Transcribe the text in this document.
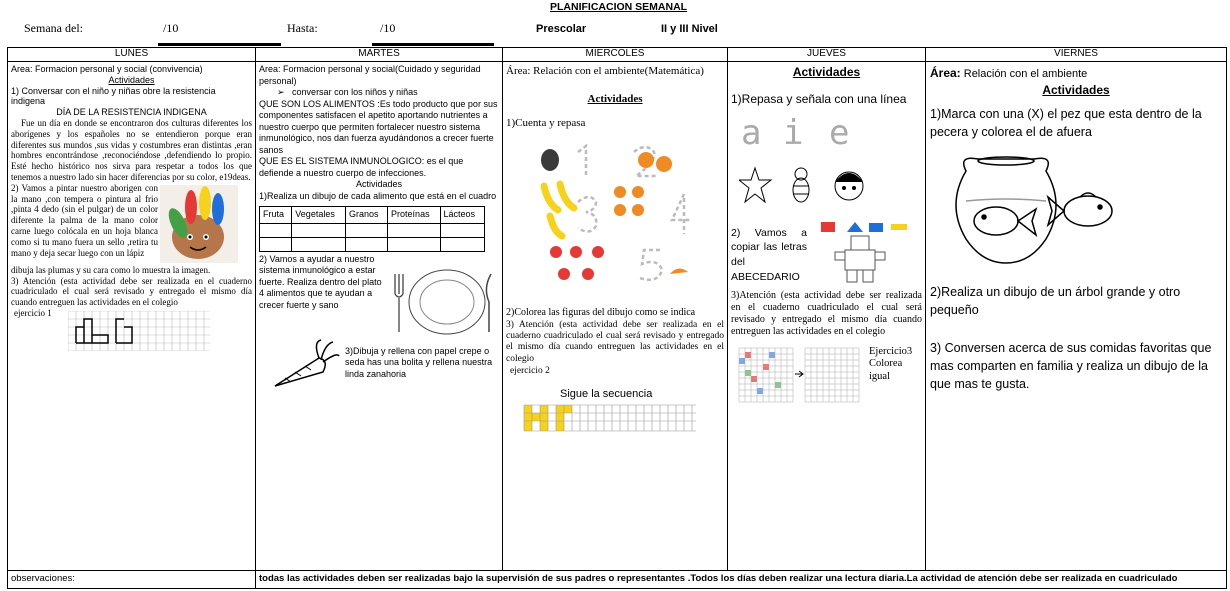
PLANIFICACION SEMANAL
Semana del:	/10	Hasta:	/10	Prescolar	II y III Nivel
LUNES	MARTES	MIERCOLES	JUEVES	VIERNES

Area: Formacion personal y social (convivencia)

Actividades

1) Conversar con el niño y niñas obre la resistencia indigena

DÍA DE LA RESISTENCIA INDIGENA

Fue un día en donde se encontraron dos culturas diferentes los aborígenes y los españoles no se entendieron porque eran diferentes sus mundos ,sus vidas y costumbres eran distintas ,eran hombres encontrándose ,reconociéndose ,defendiendo lo propio. Esté hecho histórico nos sirva para respetar a todos los que tenemos a nuestro lado sin hacer diferencias por su color, e19deas.

2) Vamos a pintar nuestro aborigen con la mano ,con tempera o pintura al frio ,pinta 4 dedo (sin el pulgar) de un color diferente la palma de la mano color carne luego colócala en un hoja blanca como si tu mano fuera un sello ,retira tu mano y deja secar luego con un lápiz

dibuja las plumas y su cara como lo muestra la imagen.

3) Atención (esta actividad debe ser realizada en el cuaderno cuadriculado el cual será revisado y entregado el mismo día cuando entreguen las actividades en el colegio

ejercicio 1

Area: Formacion personal y social(Cuidado y seguridad personal)

➢   conversar con los niños y niñas

QUE SON LOS ALIMENTOS :Es todo producto que por sus componentes satisfacen el apetito aportando nutrientes a nuestro cuerpo que permiten fortalecer nuestro sistema inmunológico, nos dan fuerza ayudándonos a crecer fuerte sanos

QUE ES EL SISTEMA INMUNOLOGICO: es el que defiende a nuestro cuerpo de infecciones.

Actividades

1)Realiza un dibujo de cada alimento que está en el cuadro

Fruta	Vegetales	Granos	Proteínas	Lácteos

2) Vamos a ayudar a nuestro sistema inmunológico a estar fuerte. Realiza dentro del plato 4 alimentos que te ayudan a crecer fuerte y sano

3)Dibuja y rellena con papel crepe o seda has una bolita y rellena nuestra linda zanahoria

Área: Relación con el ambiente(Matemática)

Actividades

1)Cuenta y repasa

2)Colorea las figuras del dibujo como se indica

3) Atención (esta actividad debe ser realizada en el cuaderno cuadriculado el cual será revisado y entregado el mismo día cuando entreguen las actividades en el colegio

ejercicio 2

Sigue la secuencia

Actividades

1)Repasa y señala con una línea

a i e

2) Vamos a copiar las letras del ABECEDARIO

3)Atención (esta actividad debe ser realizada en el cuaderno cuadriculado el cual será revisado y entregado el mismo día cuando entreguen las actividades en el colegio

Ejercicio3 Colorea igual

Área: Relación con el ambiente

Actividades

1)Marca con una (X) el pez que esta dentro de la pecera y colorea el de afuera

2)Realiza un dibujo de un árbol grande y otro pequeño

3) Conversen acerca de sus comidas favoritas que mas comparten en familia y realiza un dibujo de la que mas te gusta.

observaciones:	todas las actividades deben ser realizadas bajo la supervisión de sus padres o representantes .Todos los días deben realizar una lectura diaria.La actividad de atención debe ser realizada en cuadriculado
